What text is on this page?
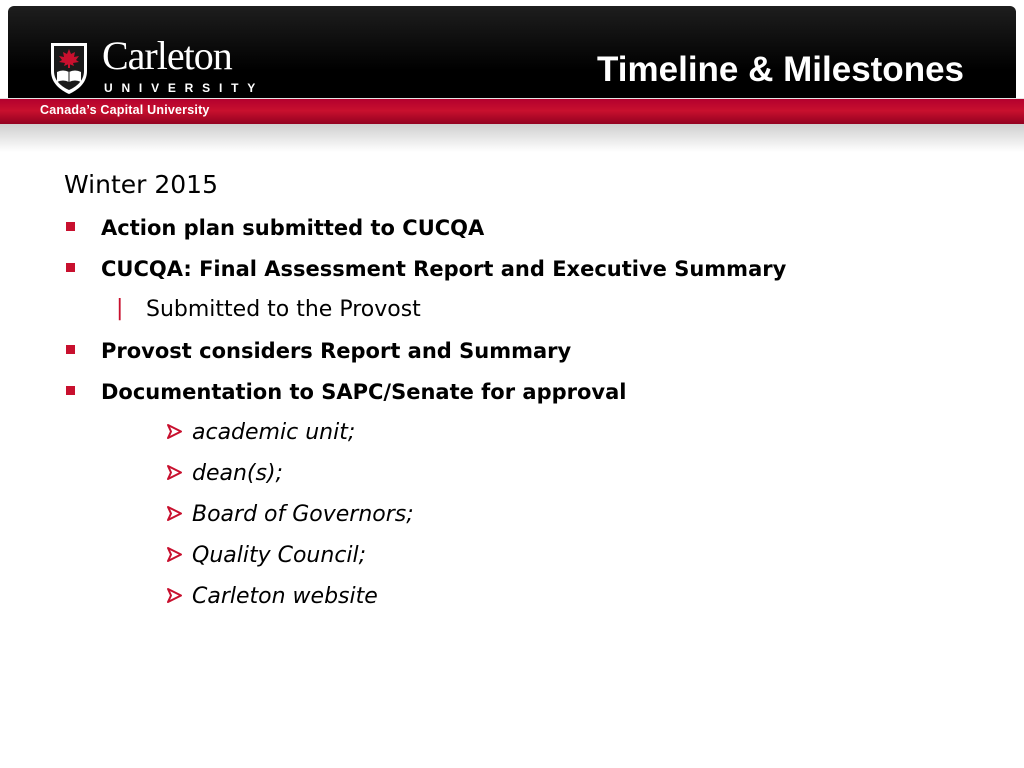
Carleton
UNIVERSITY	Timeline & Milestones
Canada’s Capital University
Winter 2015
Action plan submitted to CUCQA
CUCQA: Final Assessment Report and Executive Summary
| Submitted to the Provost
Provost considers Report and Summary
Documentation to SAPC/Senate for approval
academic unit;
dean(s);
Board of Governors;
Quality Council;
Carleton website
